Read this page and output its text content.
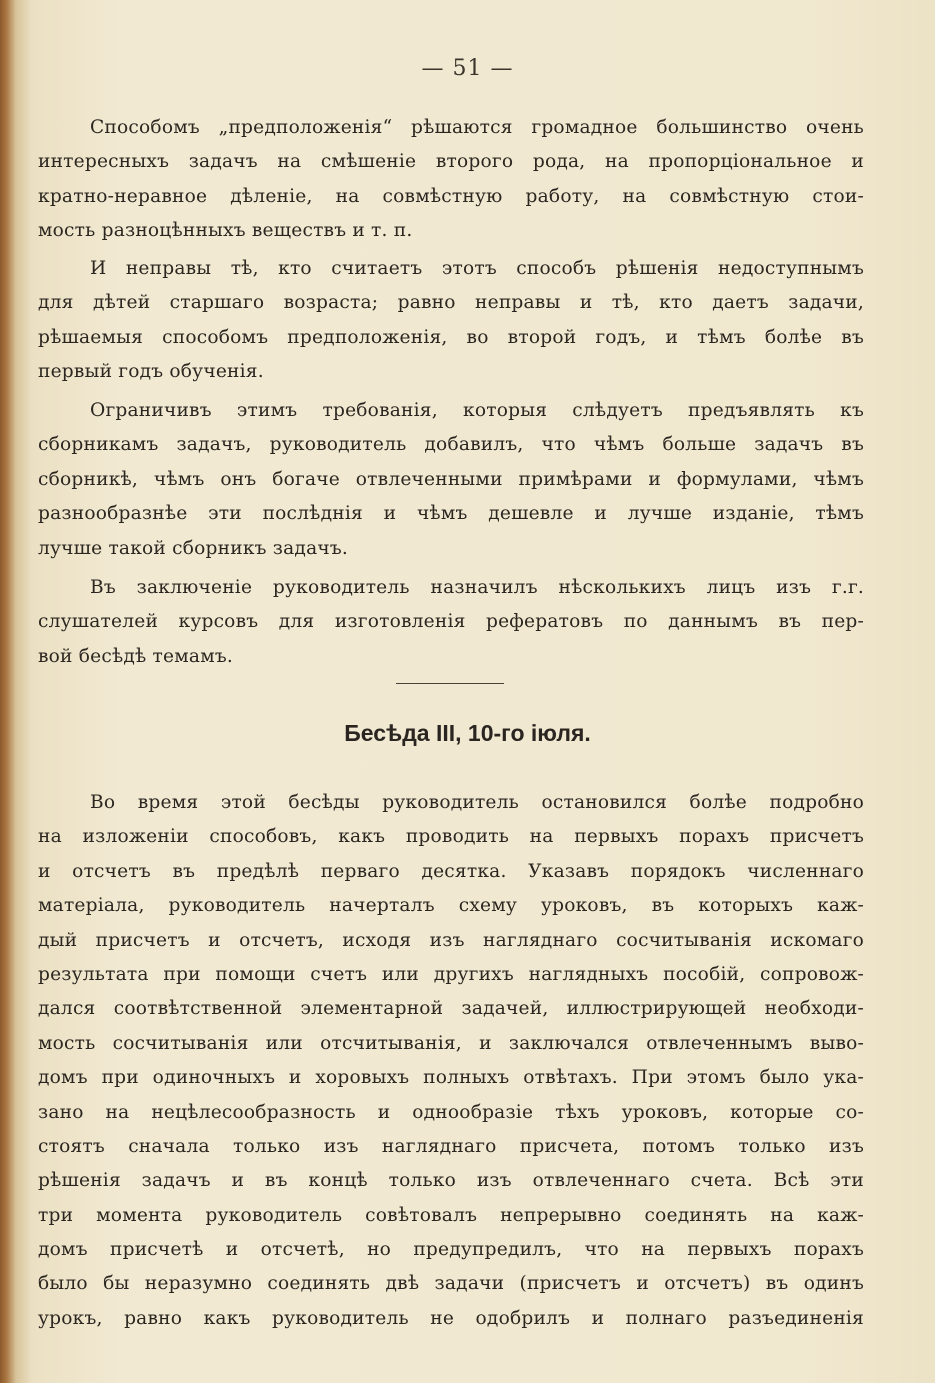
— 51 —
Способомъ „предположенія“ рѣшаются громадное большинство очень
интересныхъ задачъ на смѣшеніе второго рода, на пропорціональное и
кратно-неравное дѣленіе, на совмѣстную работу, на совмѣстную стои-
мость разноцѣнныхъ веществъ и т. п.
И неправы тѣ, кто считаетъ этотъ способъ рѣшенія недоступнымъ
для дѣтей старшаго возраста; равно неправы и тѣ, кто даетъ задачи,
рѣшаемыя способомъ предположенія, во второй годъ, и тѣмъ болѣе въ
первый годъ обученія.
Ограничивъ этимъ требованія, которыя слѣдуетъ предъявлять къ
сборникамъ задачъ, руководитель добавилъ, что чѣмъ больше задачъ въ
сборникѣ, чѣмъ онъ богаче отвлеченными примѣрами и формулами, чѣмъ
разнообразнѣе эти послѣднія и чѣмъ дешевле и лучше изданіе, тѣмъ
лучше такой сборникъ задачъ.
Въ заключеніе руководитель назначилъ нѣсколькихъ лицъ изъ г.г.
слушателей курсовъ для изготовленія рефератовъ по даннымъ въ пер-
вой бесѣдѣ темамъ.
Бесѣда III, 10-го іюля.
Во время этой бесѣды руководитель остановился болѣе подробно
на изложеніи способовъ, какъ проводить на первыхъ порахъ присчетъ
и отсчетъ въ предѣлѣ перваго десятка. Указавъ порядокъ численнаго
матеріала, руководитель начерталъ схему уроковъ, въ которыхъ каж-
дый присчетъ и отсчетъ, исходя изъ нагляднаго сосчитыванія искомаго
результата при помощи счетъ или другихъ наглядныхъ пособій, сопровож-
дался соотвѣтственной элементарной задачей, иллюстрирующей необходи-
мость сосчитыванія или отсчитыванія, и заключался отвлеченнымъ выво-
домъ при одиночныхъ и хоровыхъ полныхъ отвѣтахъ. При этомъ было ука-
зано на нецѣлесообразность и однообразіе тѣхъ уроковъ, которые со-
стоятъ сначала только изъ нагляднаго присчета, потомъ только изъ
рѣшенія задачъ и въ концѣ только изъ отвлеченнаго счета. Всѣ эти
три момента руководитель совѣтовалъ непрерывно соединять на каж-
домъ присчетѣ и отсчетѣ, но предупредилъ, что на первыхъ порахъ
было бы неразумно соединять двѣ задачи (присчетъ и отсчетъ) въ одинъ
урокъ, равно какъ руководитель не одобрилъ и полнаго разъединенія
